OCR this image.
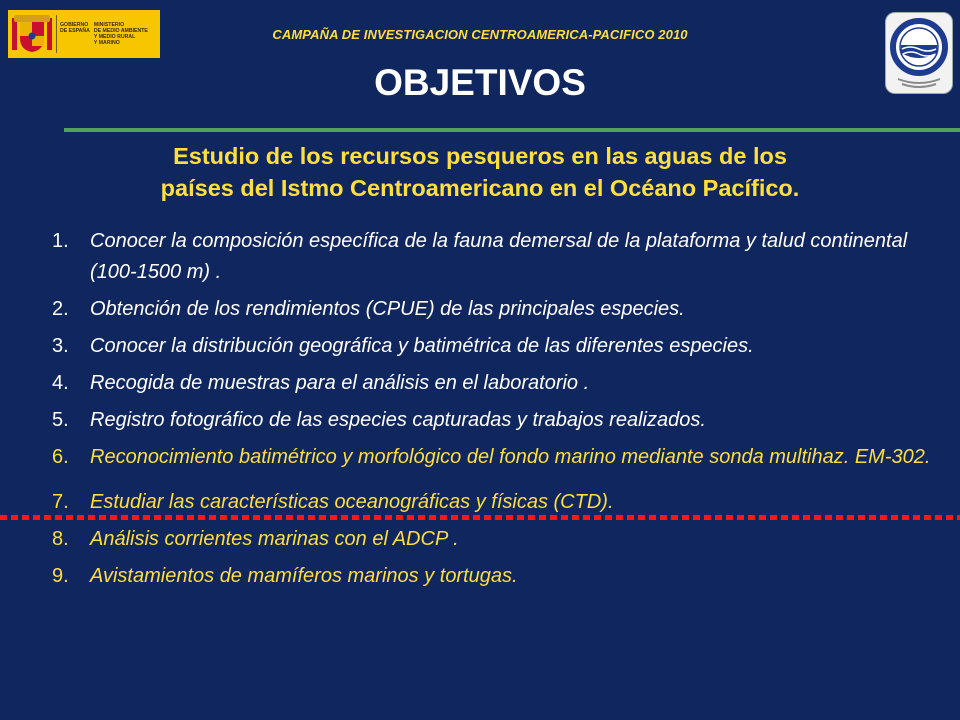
GOBIERNO
DE ESPAÑA
MINISTERIO
DE MEDIO AMBIENTE
Y MEDIO RURAL
Y MARINO
CAMPAÑA DE INVESTIGACION CENTROAMERICA-PACIFICO 2010
OBJETIVOS
Estudio de los recursos pesqueros en las aguas de los
países del Istmo Centroamericano en el Océano Pacífico.
1. Conocer la composición específica de la fauna demersal de la plataforma y talud continental (100-1500 m) .
2. Obtención de los rendimientos (CPUE) de las principales especies.
3. Conocer la distribución geográfica y batimétrica de las diferentes especies.
4. Recogida de muestras para el análisis en el laboratorio .
5. Registro fotográfico de las especies capturadas y trabajos realizados.
6. Reconocimiento batimétrico y morfológico del fondo marino mediante sonda multihaz. EM-302.
7. Estudiar las características oceanográficas y físicas (CTD).
8. Análisis corrientes marinas con el ADCP .
9. Avistamientos de mamíferos marinos y tortugas.
